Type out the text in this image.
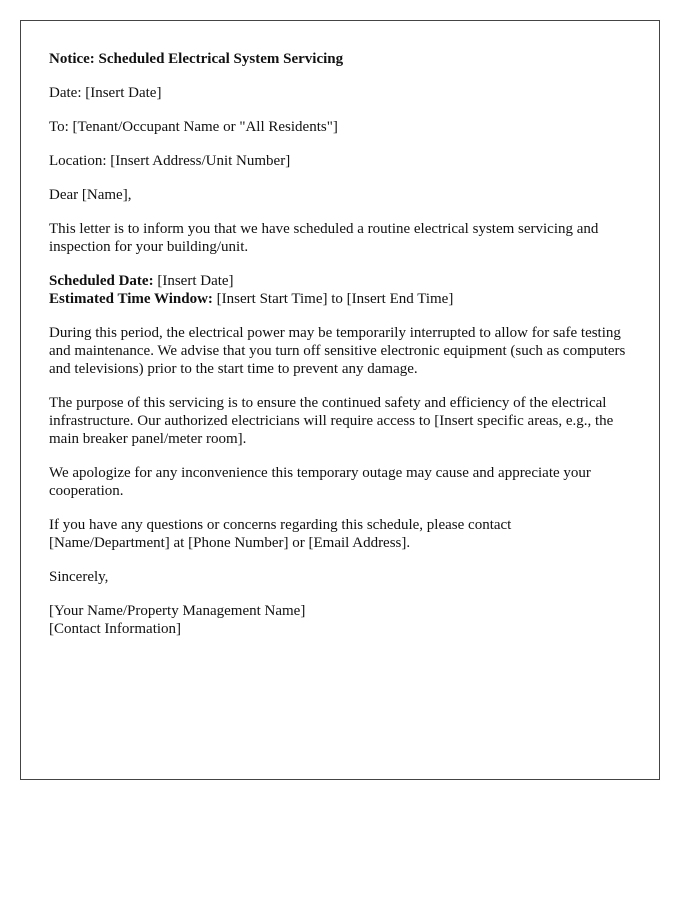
Notice: Scheduled Electrical System Servicing
Date: [Insert Date]
To: [Tenant/Occupant Name or "All Residents"]
Location: [Insert Address/Unit Number]
Dear [Name],
This letter is to inform you that we have scheduled a routine electrical system servicing and inspection for your building/unit.
Scheduled Date: [Insert Date]
Estimated Time Window: [Insert Start Time] to [Insert End Time]
During this period, the electrical power may be temporarily interrupted to allow for safe testing and maintenance. We advise that you turn off sensitive electronic equipment (such as computers and televisions) prior to the start time to prevent any damage.
The purpose of this servicing is to ensure the continued safety and efficiency of the electrical infrastructure. Our authorized electricians will require access to [Insert specific areas, e.g., the main breaker panel/meter room].
We apologize for any inconvenience this temporary outage may cause and appreciate your cooperation.
If you have any questions or concerns regarding this schedule, please contact [Name/Department] at [Phone Number] or [Email Address].
Sincerely,
[Your Name/Property Management Name]
[Contact Information]
